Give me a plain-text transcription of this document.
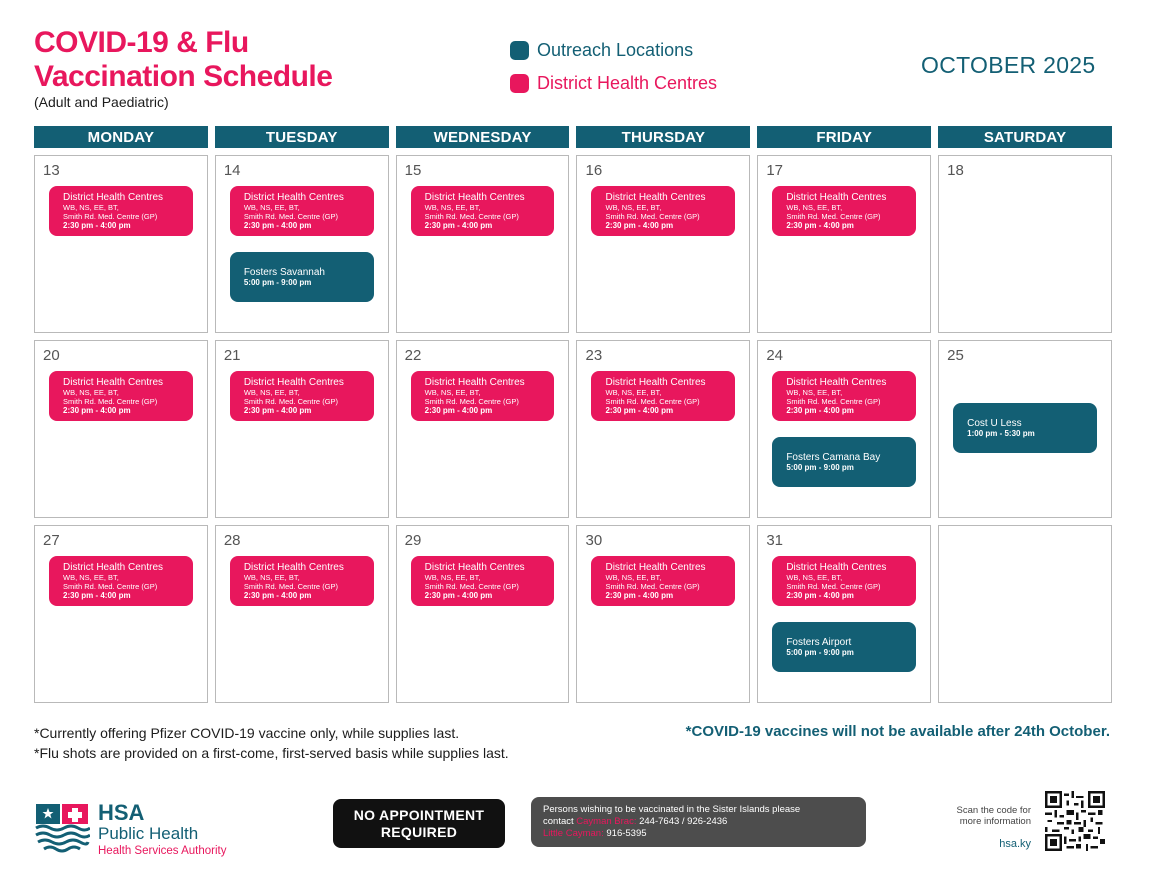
COVID-19 & Flu
Vaccination Schedule
(Adult and Paediatric)
Outreach Locations
District Health Centres
OCTOBER 2025
MONDAY	TUESDAY	WEDNESDAY	THURSDAY	FRIDAY	SATURDAY
13
District Health Centres
WB, NS, EE, BT,
Smith Rd. Med. Centre (GP)
2:30 pm - 4:00 pm
14
District Health Centres
WB, NS, EE, BT,
Smith Rd. Med. Centre (GP)
2:30 pm - 4:00 pm
Fosters Savannah
5:00 pm - 9:00 pm
15
District Health Centres
WB, NS, EE, BT,
Smith Rd. Med. Centre (GP)
2:30 pm - 4:00 pm
16
District Health Centres
WB, NS, EE, BT,
Smith Rd. Med. Centre (GP)
2:30 pm - 4:00 pm
17
District Health Centres
WB, NS, EE, BT,
Smith Rd. Med. Centre (GP)
2:30 pm - 4:00 pm
18
20
District Health Centres
WB, NS, EE, BT,
Smith Rd. Med. Centre (GP)
2:30 pm - 4:00 pm
21
District Health Centres
WB, NS, EE, BT,
Smith Rd. Med. Centre (GP)
2:30 pm - 4:00 pm
22
District Health Centres
WB, NS, EE, BT,
Smith Rd. Med. Centre (GP)
2:30 pm - 4:00 pm
23
District Health Centres
WB, NS, EE, BT,
Smith Rd. Med. Centre (GP)
2:30 pm - 4:00 pm
24
District Health Centres
WB, NS, EE, BT,
Smith Rd. Med. Centre (GP)
2:30 pm - 4:00 pm
Fosters Camana Bay
5:00 pm - 9:00 pm
25
Cost U Less
1:00 pm - 5:30 pm
27
District Health Centres
WB, NS, EE, BT,
Smith Rd. Med. Centre (GP)
2:30 pm - 4:00 pm
28
District Health Centres
WB, NS, EE, BT,
Smith Rd. Med. Centre (GP)
2:30 pm - 4:00 pm
29
District Health Centres
WB, NS, EE, BT,
Smith Rd. Med. Centre (GP)
2:30 pm - 4:00 pm
30
District Health Centres
WB, NS, EE, BT,
Smith Rd. Med. Centre (GP)
2:30 pm - 4:00 pm
31
District Health Centres
WB, NS, EE, BT,
Smith Rd. Med. Centre (GP)
2:30 pm - 4:00 pm
Fosters Airport
5:00 pm - 9:00 pm
*Currently offering Pfizer COVID-19 vaccine only, while supplies last.
*Flu shots are provided on a first-come, first-served basis while supplies last.
*COVID-19 vaccines will not be available after 24th October.
HSA
Public Health
Health Services Authority
NO APPOINTMENT
REQUIRED
Persons wishing to be vaccinated in the Sister Islands please
contact Cayman Brac: 244-7643 / 926-2436
Little Cayman: 916-5395
Scan the code for
more information
hsa.ky
